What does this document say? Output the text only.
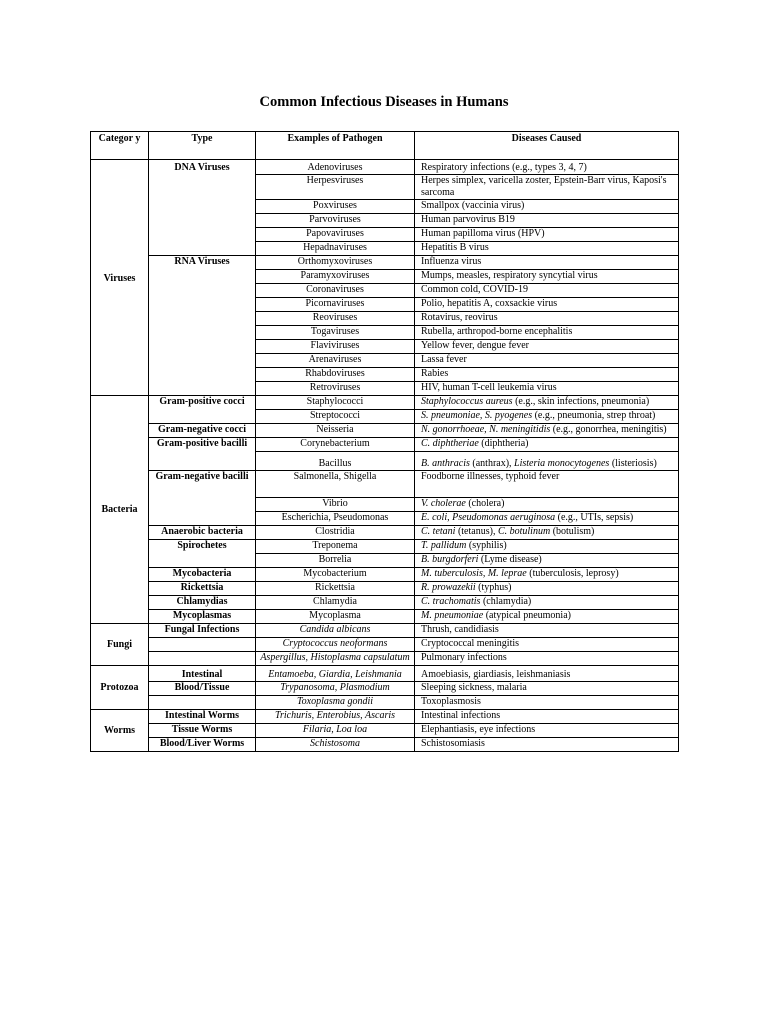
Common Infectious Diseases in Humans
Categor y	Type	Examples of Pathogen	Diseases Caused
Viruses	DNA Viruses	Adenoviruses	Respiratory infections (e.g., types 3, 4, 7)
		Herpesviruses	Herpes simplex, varicella zoster, Epstein-Barr virus, Kaposi's sarcoma
		Poxviruses	Smallpox (vaccinia virus)
		Parvoviruses	Human parvovirus B19
		Papovaviruses	Human papilloma virus (HPV)
		Hepadnaviruses	Hepatitis B virus
	RNA Viruses	Orthomyxoviruses	Influenza virus
		Paramyxoviruses	Mumps, measles, respiratory syncytial virus
		Coronaviruses	Common cold, COVID-19
		Picornaviruses	Polio, hepatitis A, coxsackie virus
		Reoviruses	Rotavirus, reovirus
		Togaviruses	Rubella, arthropod-borne encephalitis
		Flaviviruses	Yellow fever, dengue fever
		Arenaviruses	Lassa fever
		Rhabdoviruses	Rabies
		Retroviruses	HIV, human T-cell leukemia virus
Bacteria	Gram-positive cocci	Staphylococci	Staphylococcus aureus (e.g., skin infections, pneumonia)
		Streptococci	S. pneumoniae, S. pyogenes (e.g., pneumonia, strep throat)
	Gram-negative cocci	Neisseria	N. gonorrhoeae, N. meningitidis (e.g., gonorrhea, meningitis)
	Gram-positive bacilli	Corynebacterium	C. diphtheriae (diphtheria)
		Bacillus	B. anthracis (anthrax), Listeria monocytogenes (listeriosis)
	Gram-negative bacilli	Salmonella, Shigella	Foodborne illnesses, typhoid fever
		Vibrio	V. cholerae (cholera)
		Escherichia, Pseudomonas	E. coli, Pseudomonas aeruginosa (e.g., UTIs, sepsis)
	Anaerobic bacteria	Clostridia	C. tetani (tetanus), C. botulinum (botulism)
	Spirochetes	Treponema	T. pallidum (syphilis)
		Borrelia	B. burgdorferi (Lyme disease)
	Mycobacteria	Mycobacterium	M. tuberculosis, M. leprae (tuberculosis, leprosy)
	Rickettsia	Rickettsia	R. prowazekii (typhus)
	Chlamydias	Chlamydia	C. trachomatis (chlamydia)
	Mycoplasmas	Mycoplasma	M. pneumoniae (atypical pneumonia)
Fungi	Fungal Infections	Candida albicans	Thrush, candidiasis
		Cryptococcus neoformans	Cryptococcal meningitis
		Aspergillus, Histoplasma capsulatum	Pulmonary infections
Protozoa	Intestinal	Entamoeba, Giardia, Leishmania	Amoebiasis, giardiasis, leishmaniasis
	Blood/Tissue	Trypanosoma, Plasmodium	Sleeping sickness, malaria
		Toxoplasma gondii	Toxoplasmosis
Worms	Intestinal Worms	Trichuris, Enterobius, Ascaris	Intestinal infections
	Tissue Worms	Filaria, Loa loa	Elephantiasis, eye infections
	Blood/Liver Worms	Schistosoma	Schistosomiasis
